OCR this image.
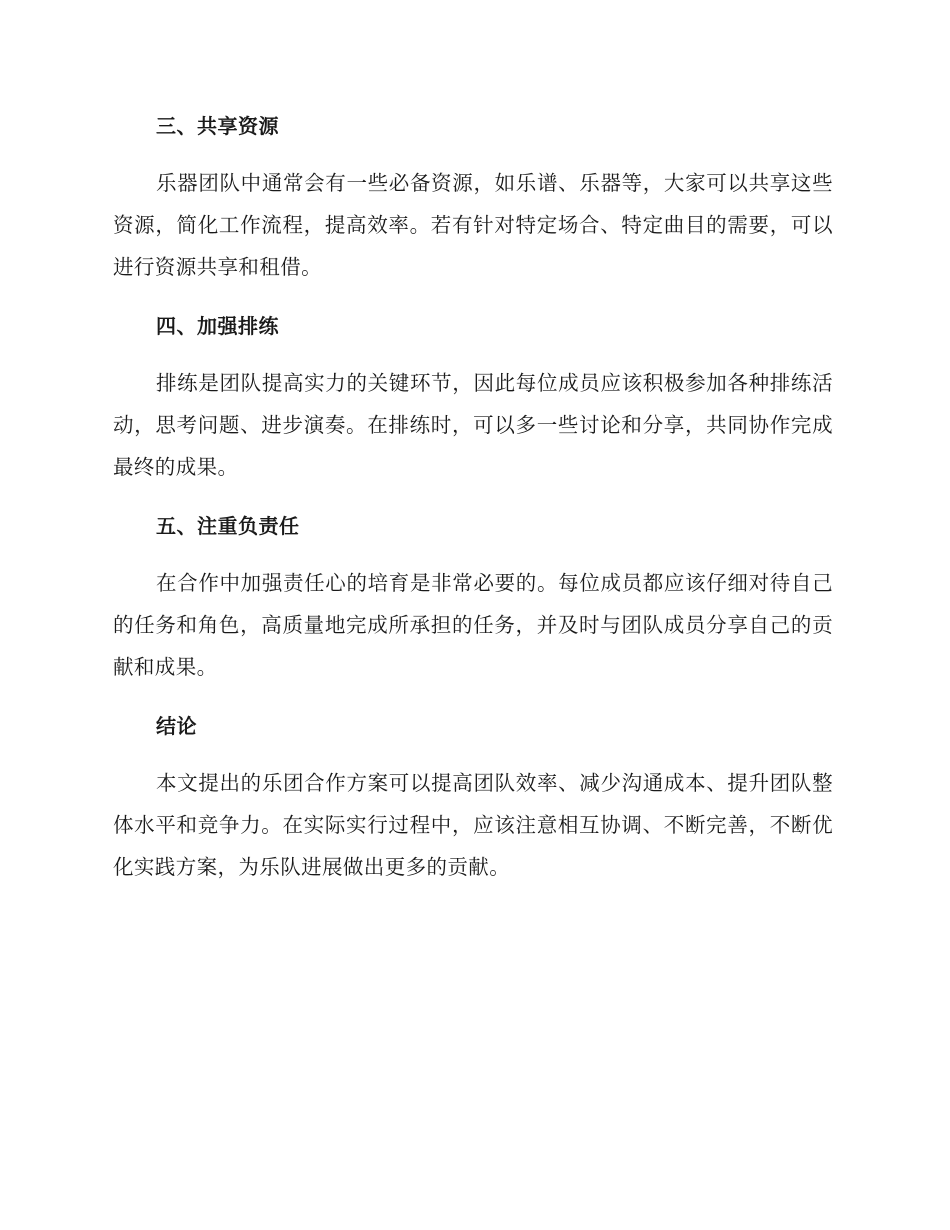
三、共享资源

乐器团队中通常会有一些必备资源，如乐谱、乐器等，大家可以共享这些资源，简化工作流程，提高效率。若有针对特定场合、特定曲目的需要，可以进行资源共享和租借。

四、加强排练

排练是团队提高实力的关键环节，因此每位成员应该积极参加各种排练活动，思考问题、进步演奏。在排练时，可以多一些讨论和分享，共同协作完成最终的成果。

五、注重负责任

在合作中加强责任心的培育是非常必要的。每位成员都应该仔细对待自己的任务和角色，高质量地完成所承担的任务，并及时与团队成员分享自己的贡献和成果。

结论

本文提出的乐团合作方案可以提高团队效率、减少沟通成本、提升团队整体水平和竞争力。在实际实行过程中，应该注意相互协调、不断完善，不断优化实践方案，为乐队进展做出更多的贡献。
